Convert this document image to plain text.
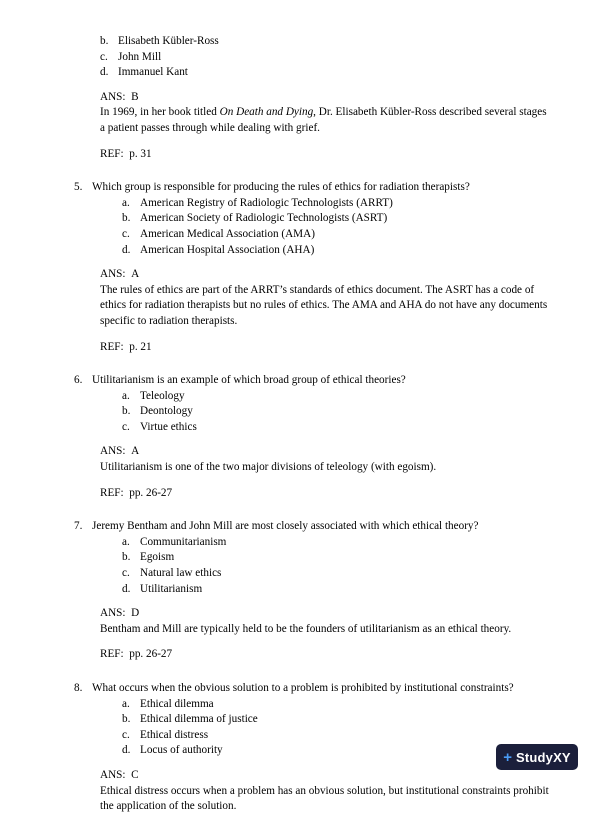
b. Elisabeth Kübler-Ross
c. John Mill
d. Immanuel Kant
ANS: B
In 1969, in her book titled On Death and Dying, Dr. Elisabeth Kübler-Ross described several stages a patient passes through while dealing with grief.
REF: p. 31
5. Which group is responsible for producing the rules of ethics for radiation therapists?
a. American Registry of Radiologic Technologists (ARRT)
b. American Society of Radiologic Technologists (ASRT)
c. American Medical Association (AMA)
d. American Hospital Association (AHA)
ANS: A
The rules of ethics are part of the ARRT’s standards of ethics document. The ASRT has a code of ethics for radiation therapists but no rules of ethics. The AMA and AHA do not have any documents specific to radiation therapists.
REF: p. 21
6. Utilitarianism is an example of which broad group of ethical theories?
a. Teleology
b. Deontology
c. Virtue ethics
ANS: A
Utilitarianism is one of the two major divisions of teleology (with egoism).
REF: pp. 26-27
7. Jeremy Bentham and John Mill are most closely associated with which ethical theory?
a. Communitarianism
b. Egoism
c. Natural law ethics
d. Utilitarianism
ANS: D
Bentham and Mill are typically held to be the founders of utilitarianism as an ethical theory.
REF: pp. 26-27
8. What occurs when the obvious solution to a problem is prohibited by institutional constraints?
a. Ethical dilemma
b. Ethical dilemma of justice
c. Ethical distress
d. Locus of authority
ANS: C
Ethical distress occurs when a problem has an obvious solution, but institutional constraints prohibit the application of the solution.
+ StudyXY
